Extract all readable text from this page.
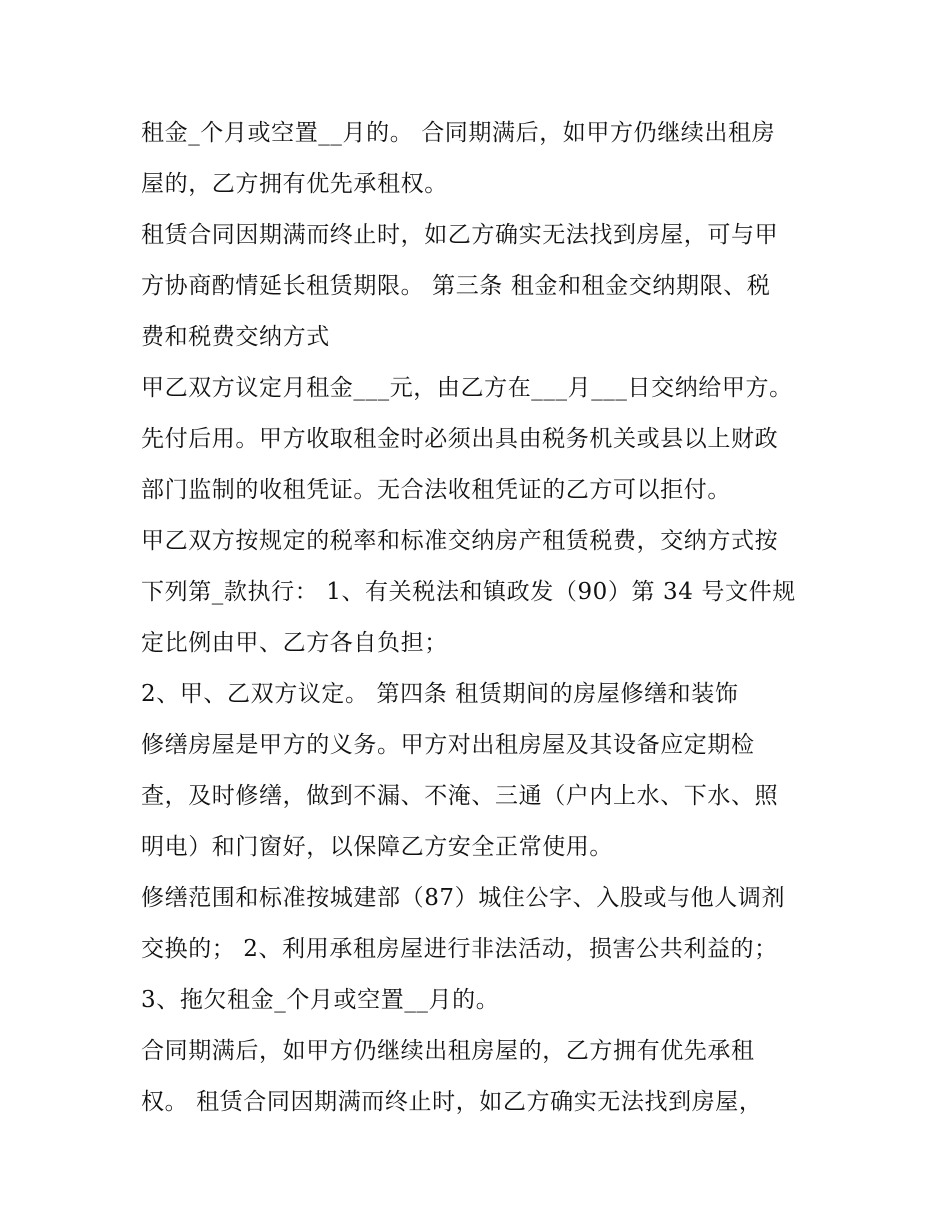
租金_个月或空置__月的。 合同期满后，如甲方仍继续出租房
屋的，乙方拥有优先承租权。
租赁合同因期满而终止时，如乙方确实无法找到房屋，可与甲
方协商酌情延长租赁期限。 第三条 租金和租金交纳期限、税
费和税费交纳方式
甲乙双方议定月租金___元，由乙方在___月___日交纳给甲方。
先付后用。甲方收取租金时必须出具由税务机关或县以上财政
部门监制的收租凭证。无合法收租凭证的乙方可以拒付。
甲乙双方按规定的税率和标准交纳房产租赁税费，交纳方式按
下列第_款执行： 1、有关税法和镇政发（90）第 34 号文件规
定比例由甲、乙方各自负担；
2、甲、乙双方议定。 第四条 租赁期间的房屋修缮和装饰
修缮房屋是甲方的义务。甲方对出租房屋及其设备应定期检
查，及时修缮，做到不漏、不淹、三通（户内上水、下水、照
明电）和门窗好，以保障乙方安全正常使用。
修缮范围和标准按城建部（87）城住公字、入股或与他人调剂
交换的； 2、利用承租房屋进行非法活动，损害公共利益的；
3、拖欠租金_个月或空置__月的。
合同期满后，如甲方仍继续出租房屋的，乙方拥有优先承租
权。 租赁合同因期满而终止时，如乙方确实无法找到房屋，
